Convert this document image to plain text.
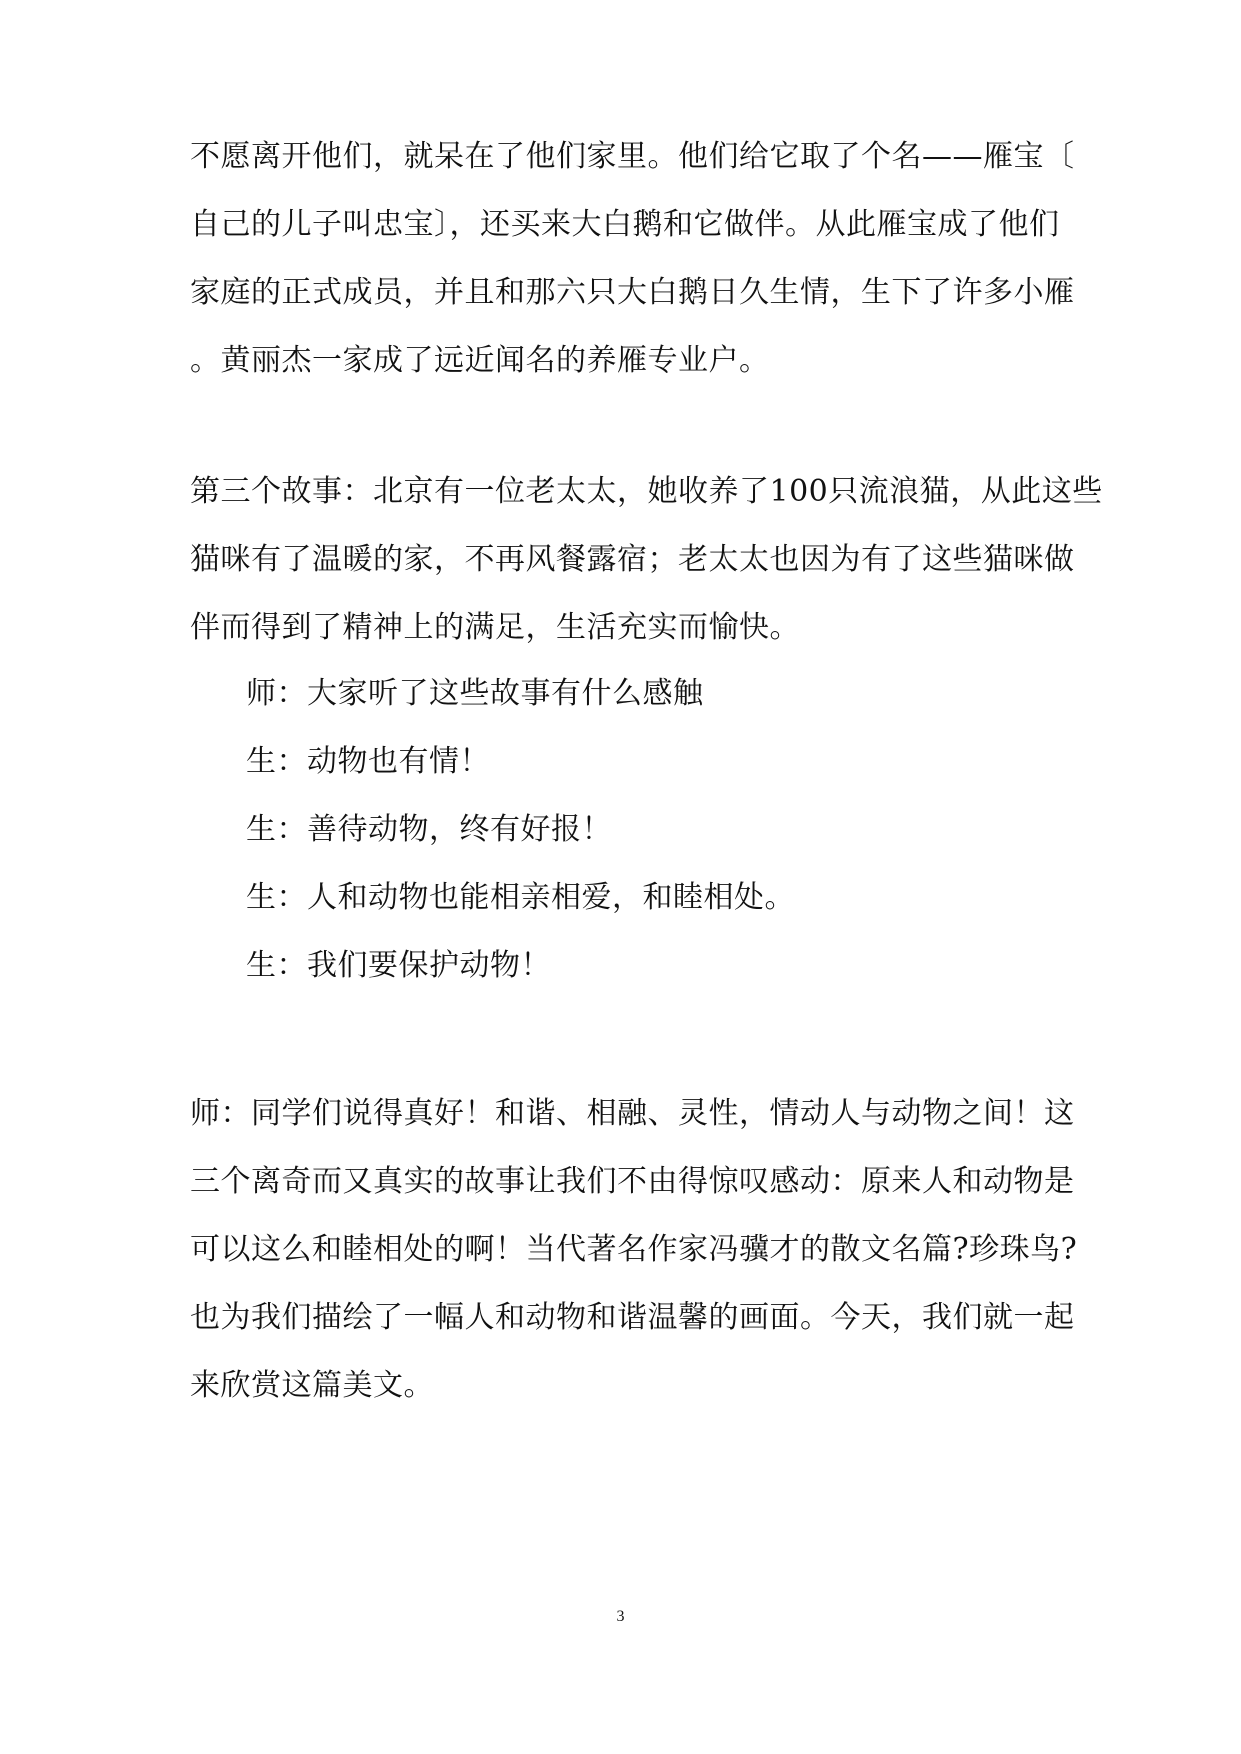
不愿离开他们，就呆在了他们家里。他们给它取了个名——雁宝〔
自己的儿子叫忠宝〕，还买来大白鹅和它做伴。从此雁宝成了他们
家庭的正式成员，并且和那六只大白鹅日久生情，生下了许多小雁
。黄丽杰一家成了远近闻名的养雁专业户。
第三个故事：北京有一位老太太，她收养了100只流浪猫，从此这些
猫咪有了温暖的家，不再风餐露宿；老太太也因为有了这些猫咪做
伴而得到了精神上的满足，生活充实而愉快。
师：大家听了这些故事有什么感触
生：动物也有情！
生：善待动物，终有好报！
生：人和动物也能相亲相爱，和睦相处。
生：我们要保护动物！
师：同学们说得真好！和谐、相融、灵性，情动人与动物之间！这
三个离奇而又真实的故事让我们不由得惊叹感动：原来人和动物是
可以这么和睦相处的啊！当代著名作家冯骥才的散文名篇?珍珠鸟?
也为我们描绘了一幅人和动物和谐温馨的画面。今天，我们就一起
来欣赏这篇美文。
3
